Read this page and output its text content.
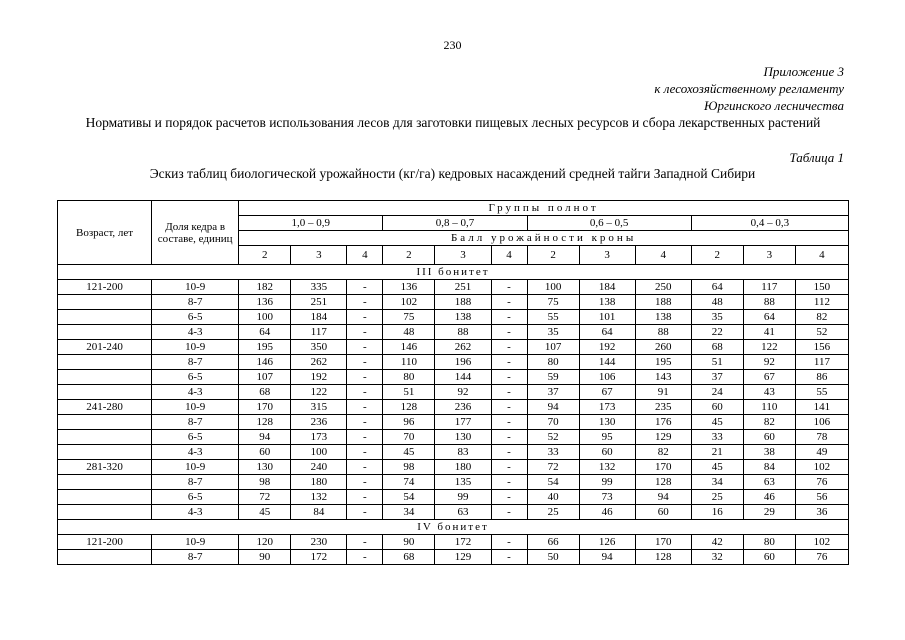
230
Приложение 3
к лесохозяйственному регламенту
Юргинского лесничества
Нормативы и порядок расчетов использования лесов для заготовки пищевых лесных ресурсов и сбора лекарственных растений
Таблица 1
Эскиз таблиц биологической урожайности (кг/га) кедровых насаждений средней тайги Западной Сибири
Возраст, лет	Доля кедра в составе, единиц	Группы полнот											
		1,0 – 0,9			0,8 – 0,7			0,6 – 0,5			0,4 – 0,3		
		Балл урожайности кроны											
		2	3	4	2	3	4	2	3	4	2	3	4
III бонитет													
121-200	10-9	182	335	-	136	251	-	100	184	250	64	117	150
	8-7	136	251	-	102	188	-	75	138	188	48	88	112
	6-5	100	184	-	75	138	-	55	101	138	35	64	82
	4-3	64	117	-	48	88	-	35	64	88	22	41	52
201-240	10-9	195	350	-	146	262	-	107	192	260	68	122	156
	8-7	146	262	-	110	196	-	80	144	195	51	92	117
	6-5	107	192	-	80	144	-	59	106	143	37	67	86
	4-3	68	122	-	51	92	-	37	67	91	24	43	55
241-280	10-9	170	315	-	128	236	-	94	173	235	60	110	141
	8-7	128	236	-	96	177	-	70	130	176	45	82	106
	6-5	94	173	-	70	130	-	52	95	129	33	60	78
	4-3	60	100	-	45	83	-	33	60	82	21	38	49
281-320	10-9	130	240	-	98	180	-	72	132	170	45	84	102
	8-7	98	180	-	74	135	-	54	99	128	34	63	76
	6-5	72	132	-	54	99	-	40	73	94	25	46	56
	4-3	45	84	-	34	63	-	25	46	60	16	29	36
IV бонитет													
121-200	10-9	120	230	-	90	172	-	66	126	170	42	80	102
	8-7	90	172	-	68	129	-	50	94	128	32	60	76
